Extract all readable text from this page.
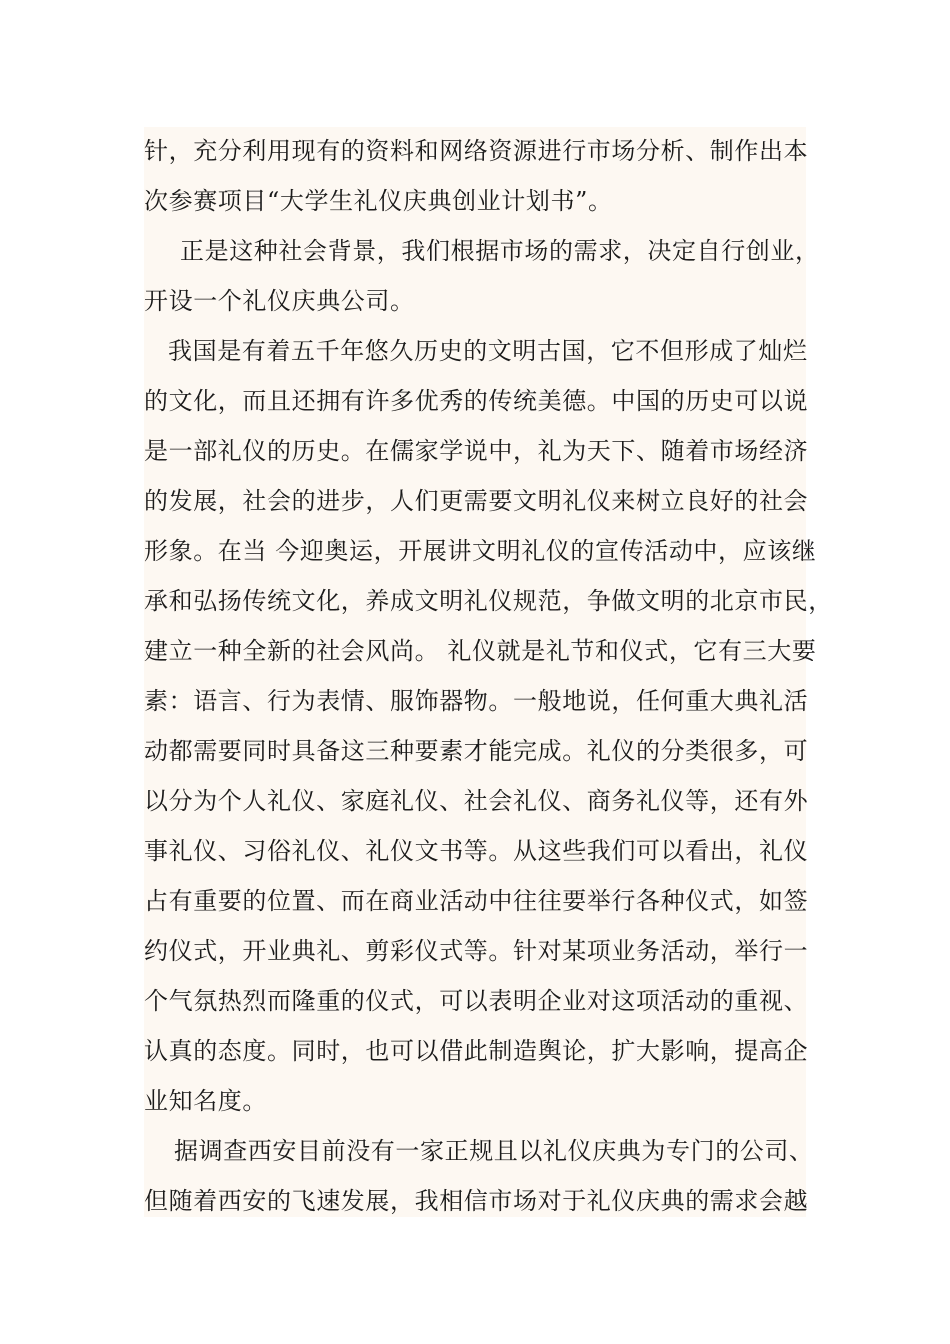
针，充分利用现有的资料和网络资源进行市场分析、制作出本
次参赛项目“大学生礼仪庆典创业计划书”。
正是这种社会背景，我们根据市场的需求，决定自行创业，
开设一个礼仪庆典公司。
我国是有着五千年悠久历史的文明古国，它不但形成了灿烂
的文化，而且还拥有许多优秀的传统美德。中国的历史可以说
是一部礼仪的历史。在儒家学说中，礼为天下、随着市场经济
的发展，社会的进步，人们更需要文明礼仪来树立良好的社会
形象。在当 今迎奥运，开展讲文明礼仪的宣传活动中，应该继
承和弘扬传统文化，养成文明礼仪规范，争做文明的北京市民，
建立一种全新的社会风尚。 礼仪就是礼节和仪式，它有三大要
素：语言、行为表情、服饰器物。一般地说，任何重大典礼活
动都需要同时具备这三种要素才能完成。礼仪的分类很多，可
以分为个人礼仪、家庭礼仪、社会礼仪、商务礼仪等，还有外
事礼仪、习俗礼仪、礼仪文书等。从这些我们可以看出，礼仪
占有重要的位置、而在商业活动中往往要举行各种仪式，如签
约仪式，开业典礼、剪彩仪式等。针对某项业务活动，举行一
个气氛热烈而隆重的仪式，可以表明企业对这项活动的重视、
认真的态度。同时，也可以借此制造舆论，扩大影响，提高企
业知名度。
据调查西安目前没有一家正规且以礼仪庆典为专门的公司、
但随着西安的飞速发展，我相信市场对于礼仪庆典的需求会越
